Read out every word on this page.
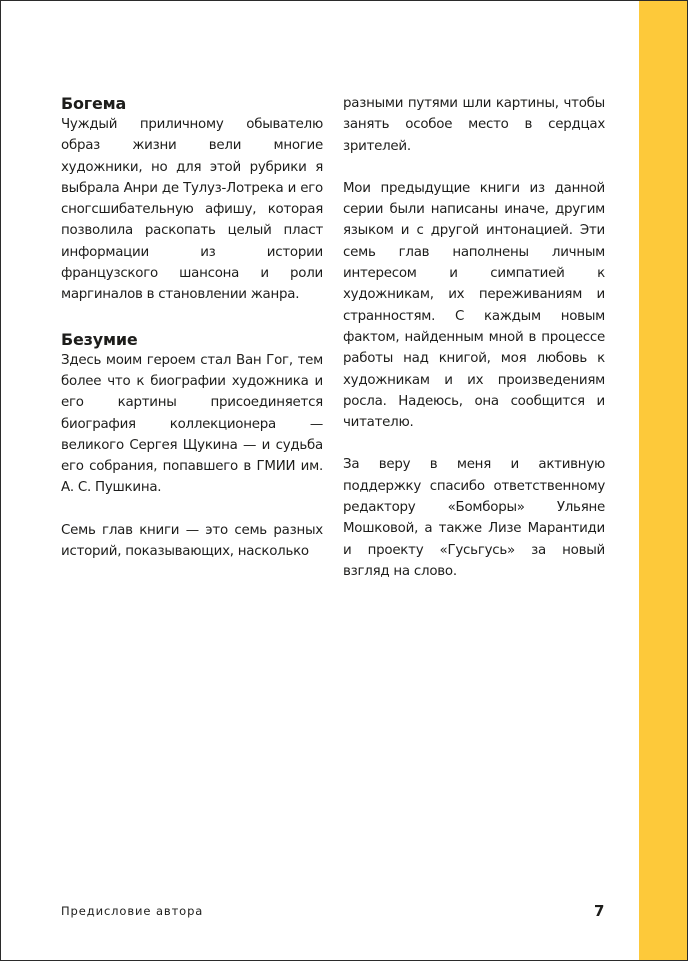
Богема

Чуждый приличному обывателю образ жизни вели многие художники, но для этой рубрики я выбрала Анри де Тулуз-Лотрека и его сногсшибательную афишу, которая позволила раскопать целый пласт информации из истории французского шансона и роли маргиналов в становлении жанра.

Безумие

Здесь моим героем стал Ван Гог, тем более что к биографии художника и его картины присоединяется биография коллекционера — великого Сергея Щукина — и судьба его собрания, попавшего в ГМИИ им. А. С. Пушкина.

Семь глав книги — это семь разных историй, показывающих, насколько

разными путями шли картины, чтобы занять особое место в сердцах зрителей.

Мои предыдущие книги из данной серии были написаны иначе, другим языком и с другой интонацией. Эти семь глав наполнены личным интересом и симпатией к художникам, их переживаниям и странностям. С каждым новым фактом, найденным мной в процессе работы над книгой, моя любовь к художникам и их произведениям росла. Надеюсь, она сообщится и читателю.

За веру в меня и активную поддержку спасибо ответственному редактору «Бомборы» Ульяне Мошковой, а также Лизе Марантиди и проекту «Гусьгусь» за новый взгляд на слово.

Предисловие автора	7
